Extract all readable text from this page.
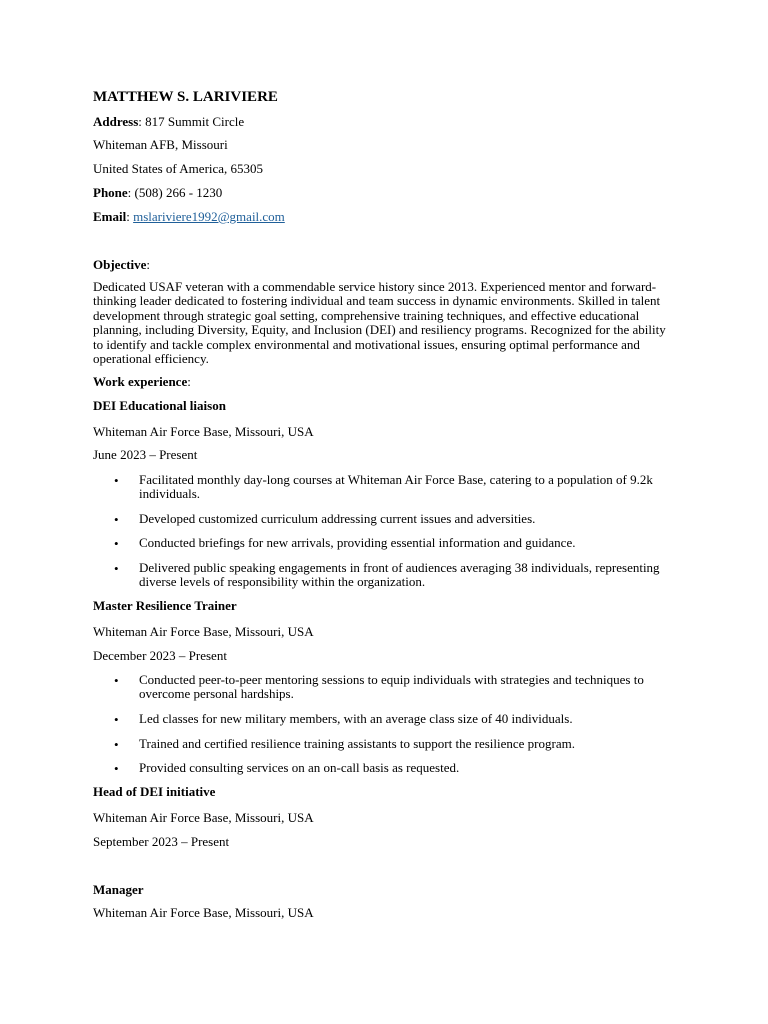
MATTHEW S. LARIVIERE
Address: 817 Summit Circle
Whiteman AFB, Missouri
United States of America, 65305
Phone: (508) 266 - 1230
Email: mslariviere1992@gmail.com
Objective:
Dedicated USAF veteran with a commendable service history since 2013. Experienced mentor and forward-thinking leader dedicated to fostering individual and team success in dynamic environments. Skilled in talent development through strategic goal setting, comprehensive training techniques, and effective educational planning, including Diversity, Equity, and Inclusion (DEI) and resiliency programs. Recognized for the ability to identify and tackle complex environmental and motivational issues, ensuring optimal performance and operational efficiency.
Work experience:
DEI Educational liaison
Whiteman Air Force Base, Missouri, USA
June 2023 – Present
• Facilitated monthly day-long courses at Whiteman Air Force Base, catering to a population of 9.2k individuals.
• Developed customized curriculum addressing current issues and adversities.
• Conducted briefings for new arrivals, providing essential information and guidance.
• Delivered public speaking engagements in front of audiences averaging 38 individuals, representing diverse levels of responsibility within the organization.
Master Resilience Trainer
Whiteman Air Force Base, Missouri, USA
December 2023 – Present
• Conducted peer-to-peer mentoring sessions to equip individuals with strategies and techniques to overcome personal hardships.
• Led classes for new military members, with an average class size of 40 individuals.
• Trained and certified resilience training assistants to support the resilience program.
• Provided consulting services on an on-call basis as requested.
Head of DEI initiative
Whiteman Air Force Base, Missouri, USA
September 2023 – Present
Manager
Whiteman Air Force Base, Missouri, USA
